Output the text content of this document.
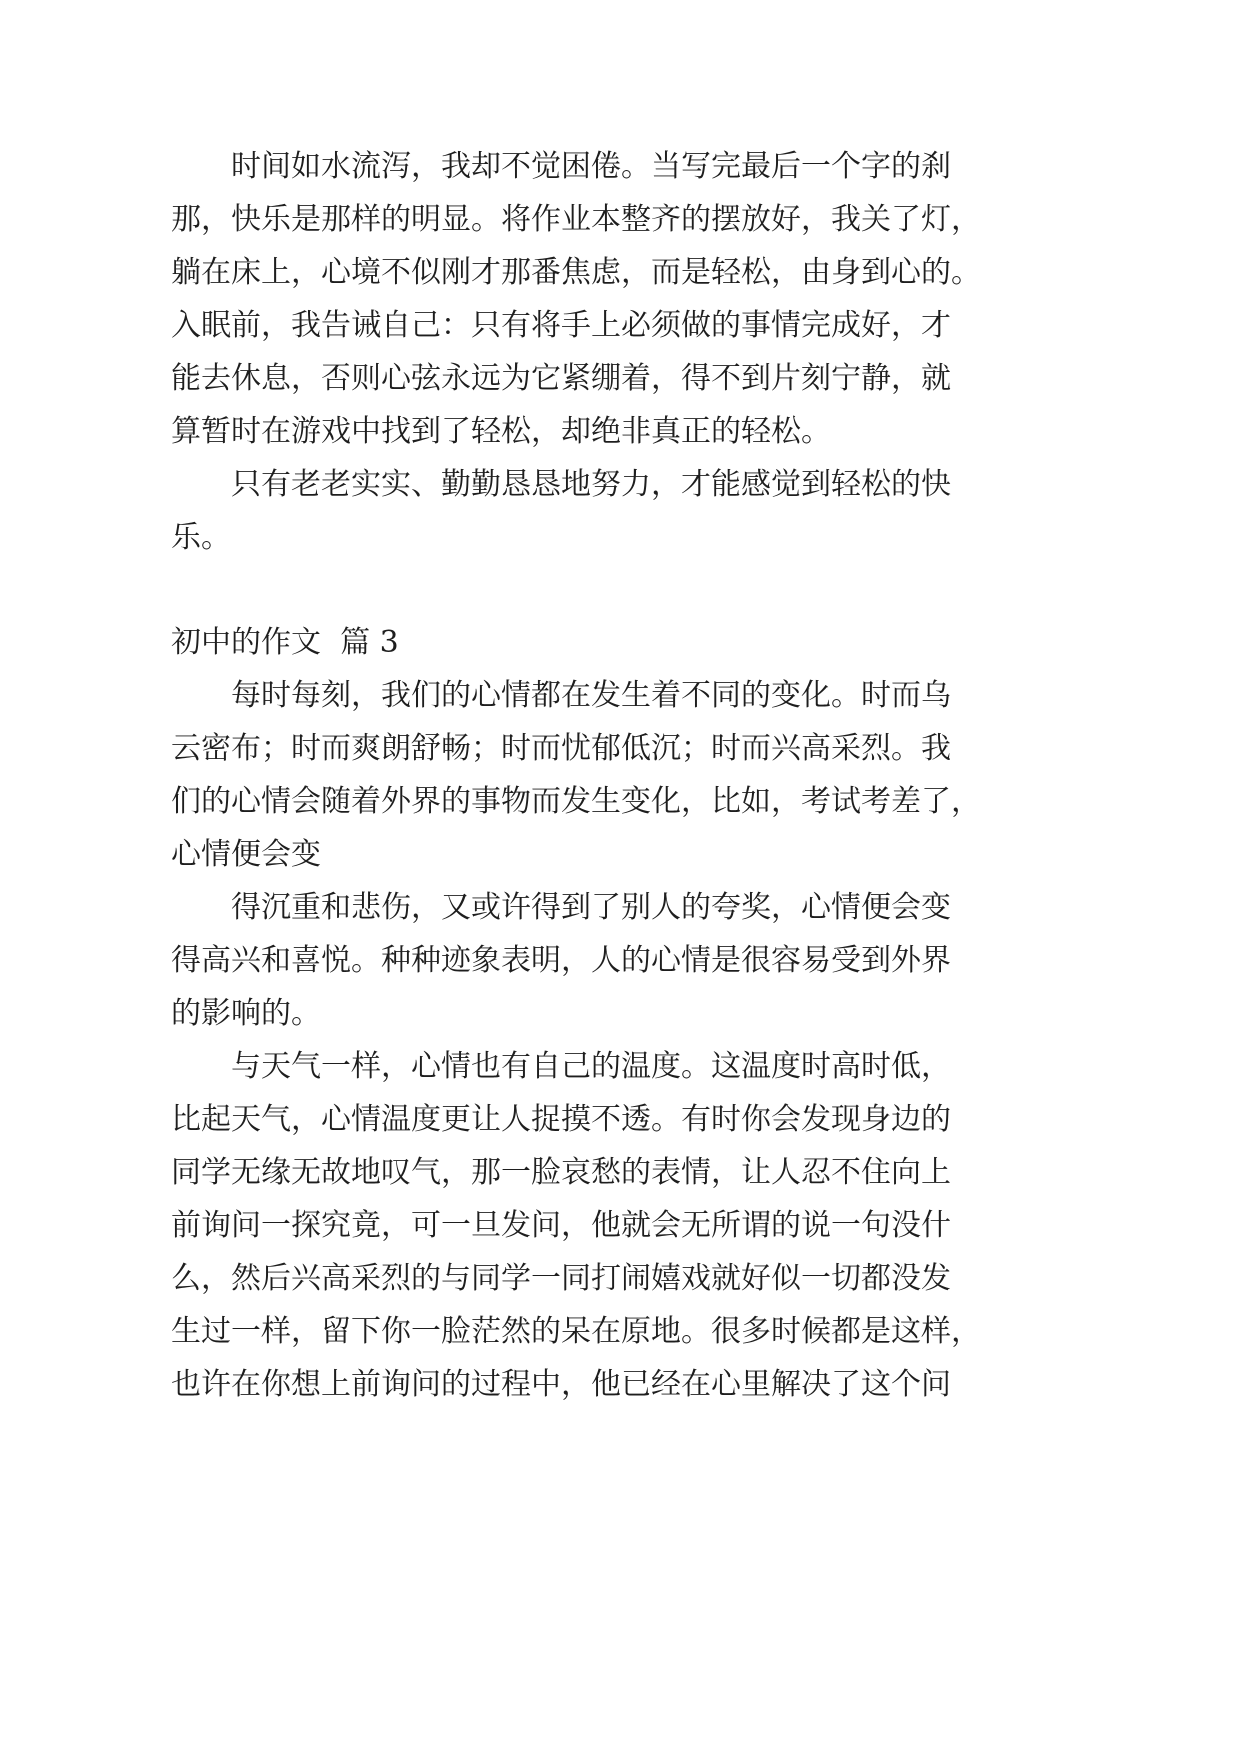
时间如水流泻，我却不觉困倦。当写完最后一个字的刹

那，快乐是那样的明显。将作业本整齐的摆放好，我关了灯，

躺在床上，心境不似刚才那番焦虑，而是轻松，由身到心的。

入眠前，我告诫自己：只有将手上必须做的事情完成好，才

能去休息，否则心弦永远为它紧绷着，得不到片刻宁静，就

算暂时在游戏中找到了轻松，却绝非真正的轻松。

只有老老实实、勤勤恳恳地努力，才能感觉到轻松的快

乐。

初中的作文  篇 3

每时每刻，我们的心情都在发生着不同的变化。时而乌

云密布；时而爽朗舒畅；时而忧郁低沉；时而兴高采烈。我

们的心情会随着外界的事物而发生变化，比如，考试考差了，

心情便会变

得沉重和悲伤，又或许得到了别人的夸奖，心情便会变

得高兴和喜悦。种种迹象表明，人的心情是很容易受到外界

的影响的。

与天气一样，心情也有自己的温度。这温度时高时低，

比起天气，心情温度更让人捉摸不透。有时你会发现身边的

同学无缘无故地叹气，那一脸哀愁的表情，让人忍不住向上

前询问一探究竟，可一旦发问，他就会无所谓的说一句没什

么，然后兴高采烈的与同学一同打闹嬉戏就好似一切都没发

生过一样，留下你一脸茫然的呆在原地。很多时候都是这样，

也许在你想上前询问的过程中，他已经在心里解决了这个问
